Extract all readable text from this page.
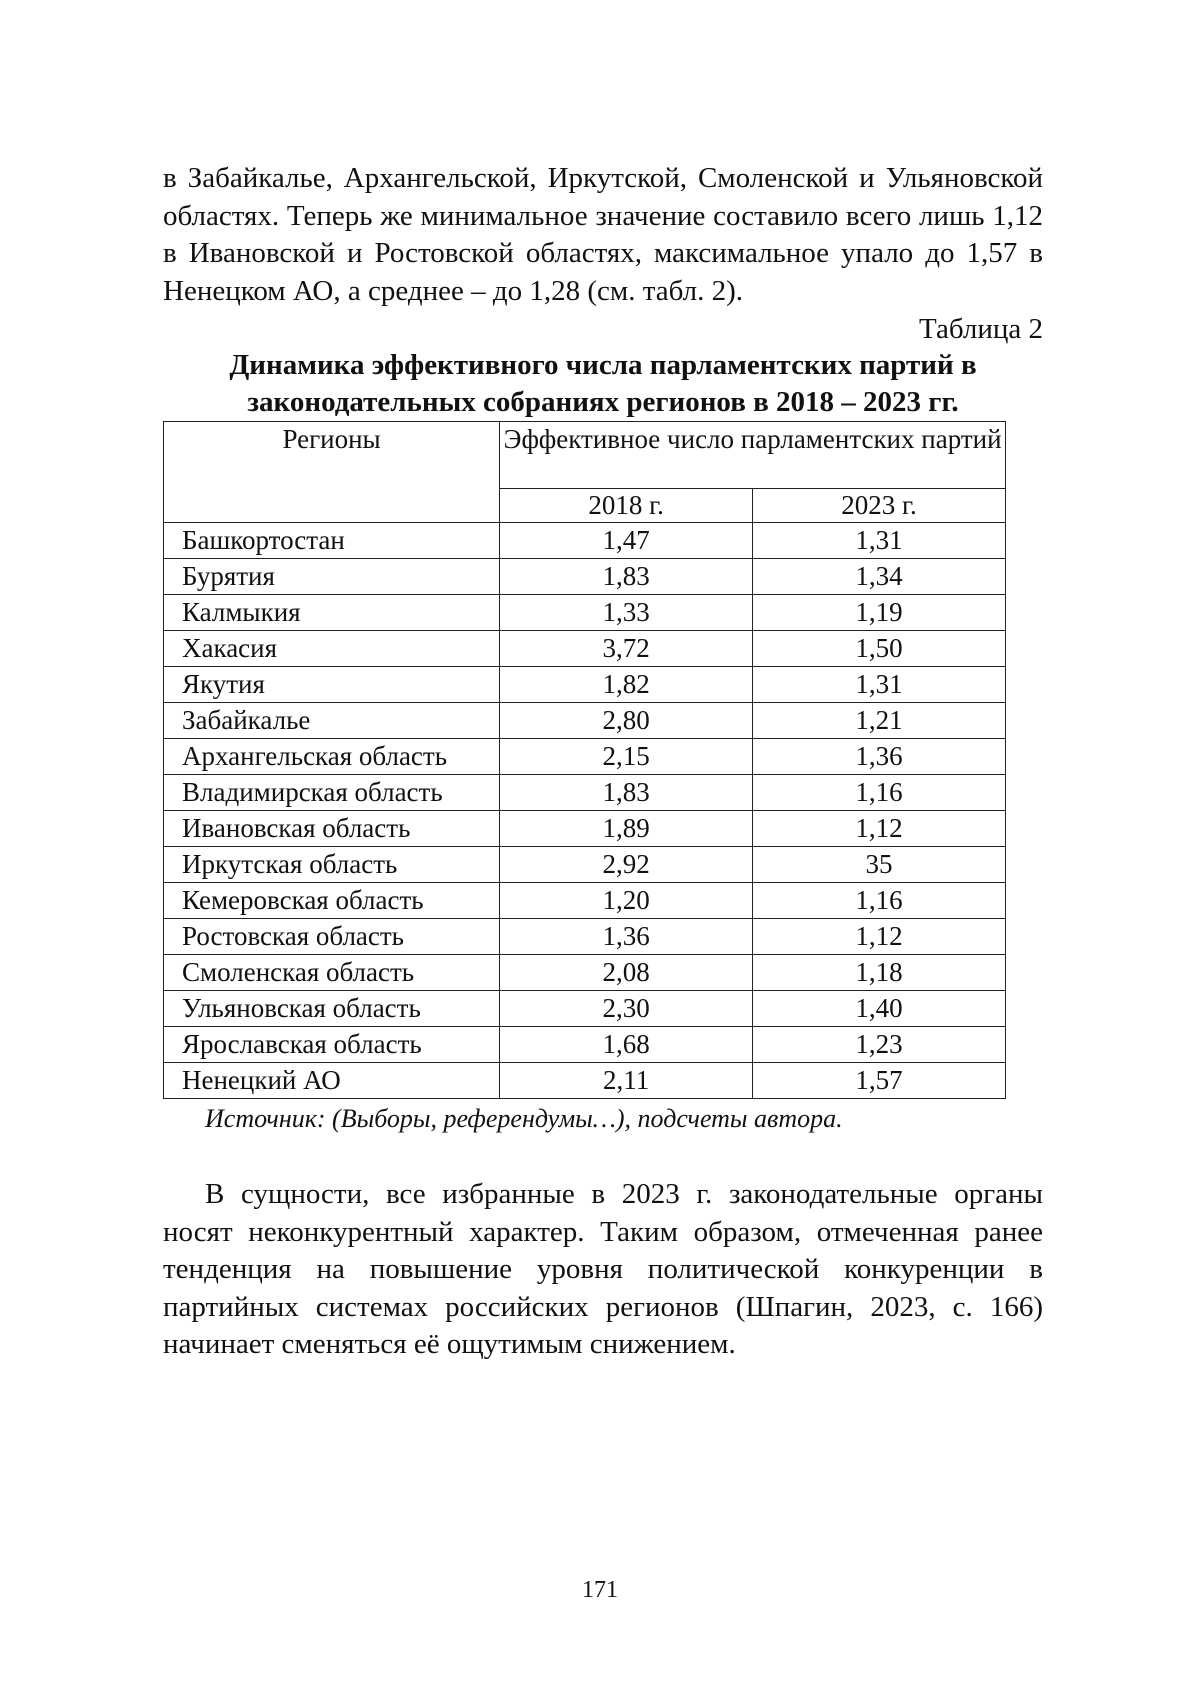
в Забайкалье, Архангельской, Иркутской, Смоленской и Ульяновской областях. Теперь же минимальное значение составило всего лишь 1,12 в Ивановской и Ростовской областях, максимальное упало до 1,57 в Ненецком АО, а среднее – до 1,28 (см. табл. 2).

Таблица 2
Динамика эффективного числа парламентских партий в законодательных собраниях регионов в 2018 – 2023 гг.
Регионы	Эффективное число парламентских партий	
	2018 г.	2023 г.
Башкортостан	1,47	1,31
Бурятия	1,83	1,34
Калмыкия	1,33	1,19
Хакасия	3,72	1,50
Якутия	1,82	1,31
Забайкалье	2,80	1,21
Архангельская область	2,15	1,36
Владимирская область	1,83	1,16
Ивановская область	1,89	1,12
Иркутская область	2,92	35
Кемеровская область	1,20	1,16
Ростовская область	1,36	1,12
Смоленская область	2,08	1,18
Ульяновская область	2,30	1,40
Ярославская область	1,68	1,23
Ненецкий АО	2,11	1,57
Источник: (Выборы, референдумы…), подсчеты автора.

В сущности, все избранные в 2023 г. законодательные органы носят неконкурентный характер. Таким образом, отмеченная ранее тенденция на повышение уровня политической конкуренции в партийных системах российских регионов (Шпагин, 2023, с. 166) начинает сменяться её ощутимым снижением.

171
